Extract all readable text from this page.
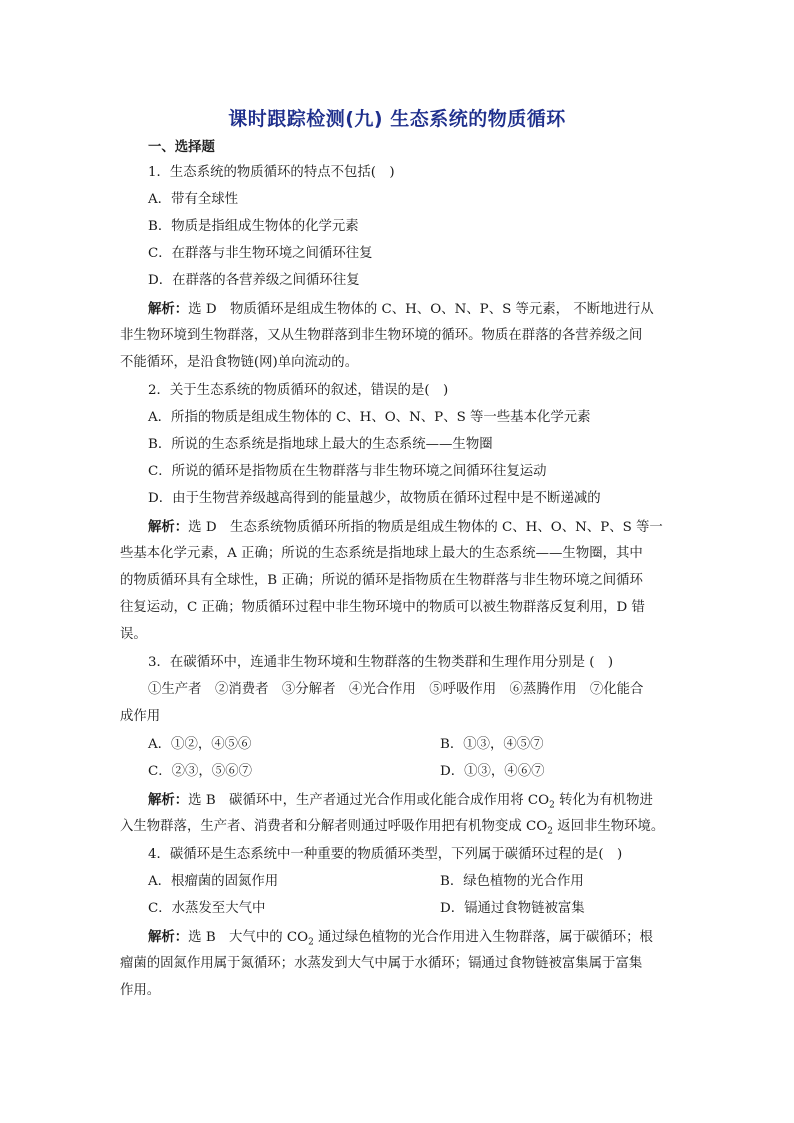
课时跟踪检测(九) 生态系统的物质循环
一、选择题
1．生态系统的物质循环的特点不包括(　)
A．带有全球性
B．物质是指组成生物体的化学元素
C．在群落与非生物环境之间循环往复
D．在群落的各营养级之间循环往复
解析：选 D　物质循环是组成生物体的 C、H、O、N、P、S 等元素， 不断地进行从
非生物环境到生物群落，又从生物群落到非生物环境的循环。物质在群落的各营养级之间
不能循环，是沿食物链(网)单向流动的。
2．关于生态系统的物质循环的叙述，错误的是(　)
A．所指的物质是组成生物体的 C、H、O、N、P、S 等一些基本化学元素
B．所说的生态系统是指地球上最大的生态系统——生物圈
C．所说的循环是指物质在生物群落与非生物环境之间循环往复运动
D．由于生物营养级越高得到的能量越少，故物质在循环过程中是不断递减的
解析：选 D　生态系统物质循环所指的物质是组成生物体的 C、H、O、N、P、S 等一
些基本化学元素，A 正确；所说的生态系统是指地球上最大的生态系统——生物圈，其中
的物质循环具有全球性，B 正确；所说的循环是指物质在生物群落与非生物环境之间循环
往复运动，C 正确；物质循环过程中非生物环境中的物质可以被生物群落反复利用，D 错
误。
3．在碳循环中，连通非生物环境和生物群落的生物类群和生理作用分别是 (　)
①生产者　②消费者　③分解者　④光合作用　⑤呼吸作用　⑥蒸腾作用　⑦化能合
成作用
A．①②，④⑤⑥	B．①③，④⑤⑦
C．②③，⑤⑥⑦	D．①③，④⑥⑦
解析：选 B　碳循环中，生产者通过光合作用或化能合成作用将 $CO_2$ 转化为有机物进
入生物群落，生产者、消费者和分解者则通过呼吸作用把有机物变成 $CO_2$ 返回非生物环境。
4．碳循环是生态系统中一种重要的物质循环类型，下列属于碳循环过程的是(　)
A．根瘤菌的固氮作用	B．绿色植物的光合作用
C．水蒸发至大气中	D．镉通过食物链被富集
解析：选 B　大气中的 $CO_2$ 通过绿色植物的光合作用进入生物群落，属于碳循环；根
瘤菌的固氮作用属于氮循环；水蒸发到大气中属于水循环；镉通过食物链被富集属于富集
作用。
